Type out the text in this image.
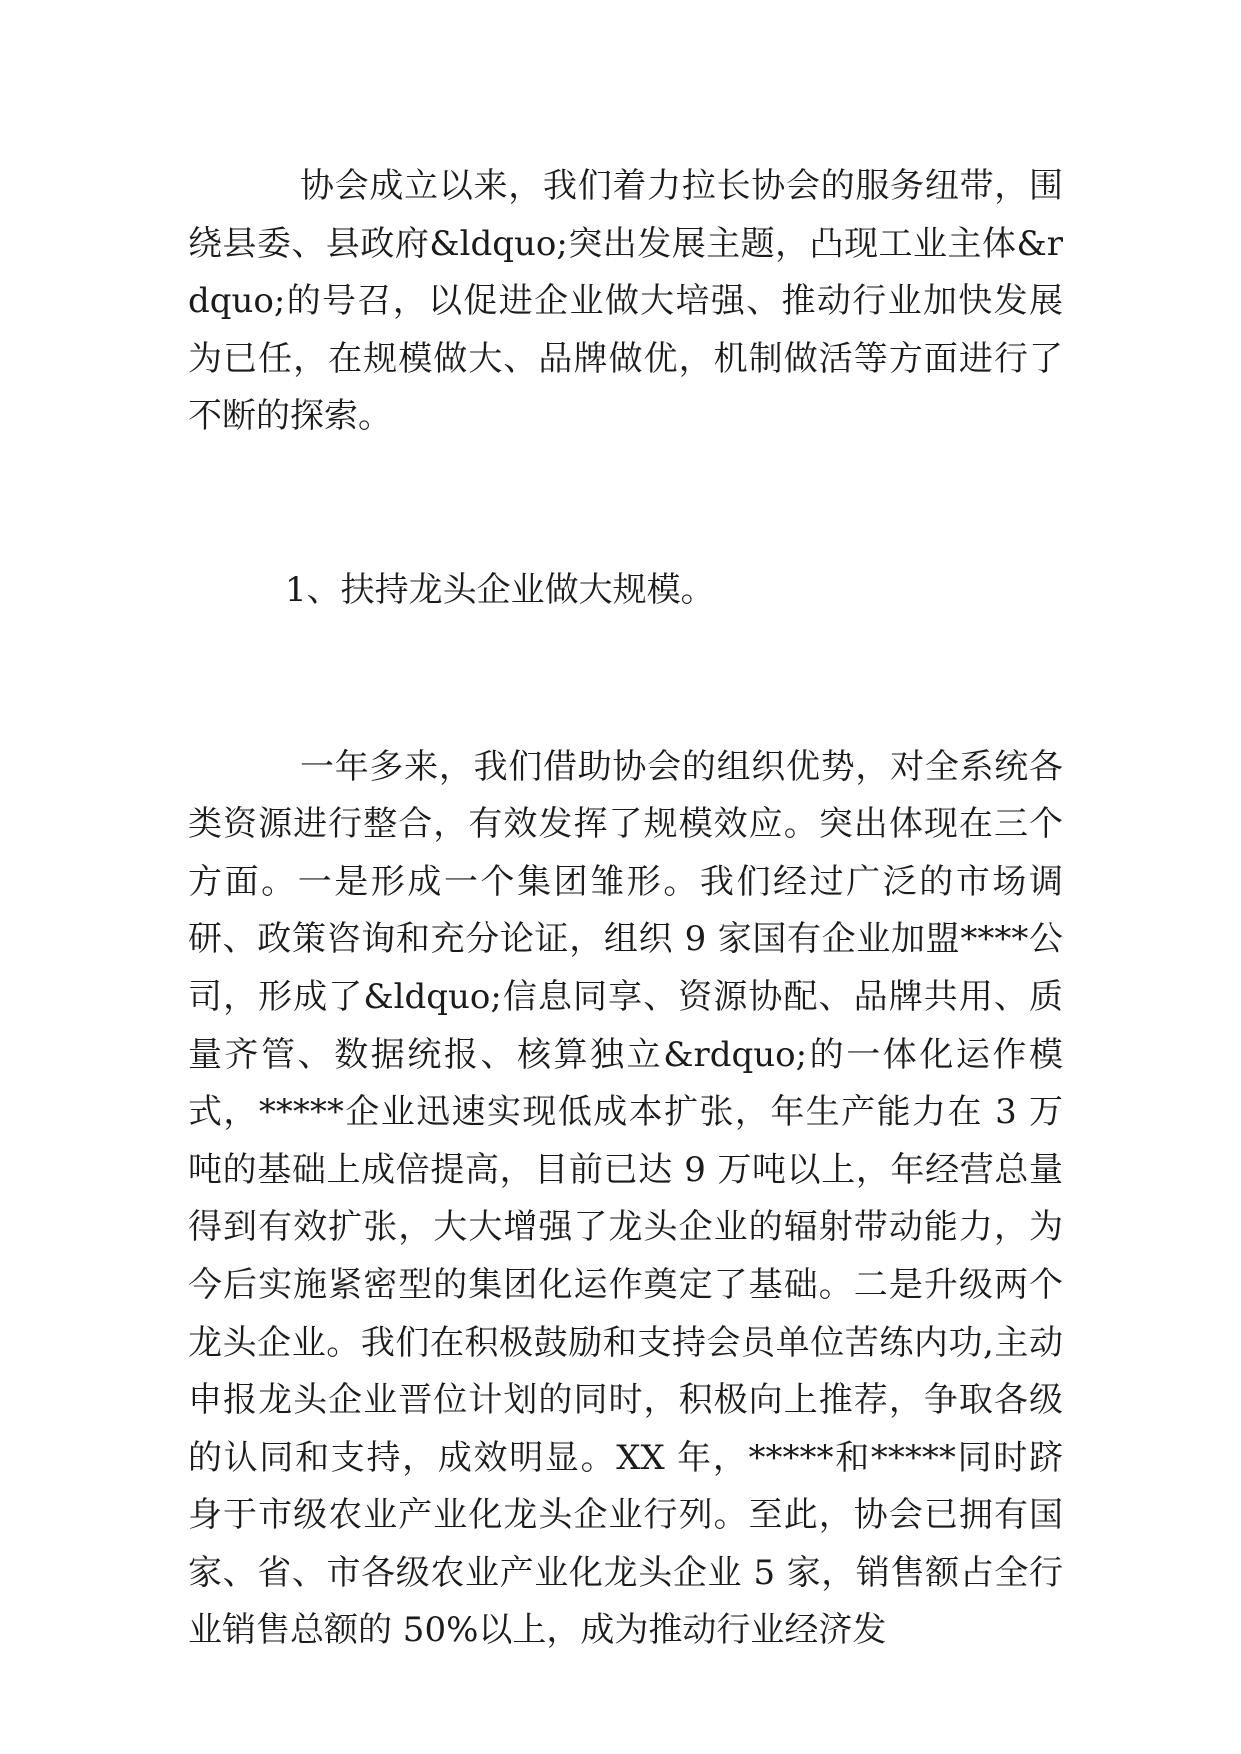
协会成立以来，我们着力拉长协会的服务纽带，围绕县委、县政府&ldquo;突出发展主题，凸现工业主体&rdquo;的号召，以促进企业做大培强、推动行业加快发展为已任，在规模做大、品牌做优，机制做活等方面进行了不断的探索。

1、扶持龙头企业做大规模。

一年多来，我们借助协会的组织优势，对全系统各类资源进行整合，有效发挥了规模效应。突出体现在三个方面。一是形成一个集团雏形。我们经过广泛的市场调研、政策咨询和充分论证，组织 9 家国有企业加盟****公司，形成了&ldquo;信息同享、资源协配、品牌共用、质量齐管、数据统报、核算独立&rdquo;的一体化运作模式，*****企业迅速实现低成本扩张，年生产能力在 3 万吨的基础上成倍提高，目前已达 9 万吨以上，年经营总量得到有效扩张，大大增强了龙头企业的辐射带动能力，为今后实施紧密型的集团化运作奠定了基础。二是升级两个龙头企业。我们在积极鼓励和支持会员单位苦练内功,主动申报龙头企业晋位计划的同时，积极向上推荐，争取各级的认同和支持，成效明显。XX 年，*****和*****同时跻身于市级农业产业化龙头企业行列。至此，协会已拥有国家、省、市各级农业产业化龙头企业 5 家，销售额占全行业销售总额的 50%以上，成为推动行业经济发
